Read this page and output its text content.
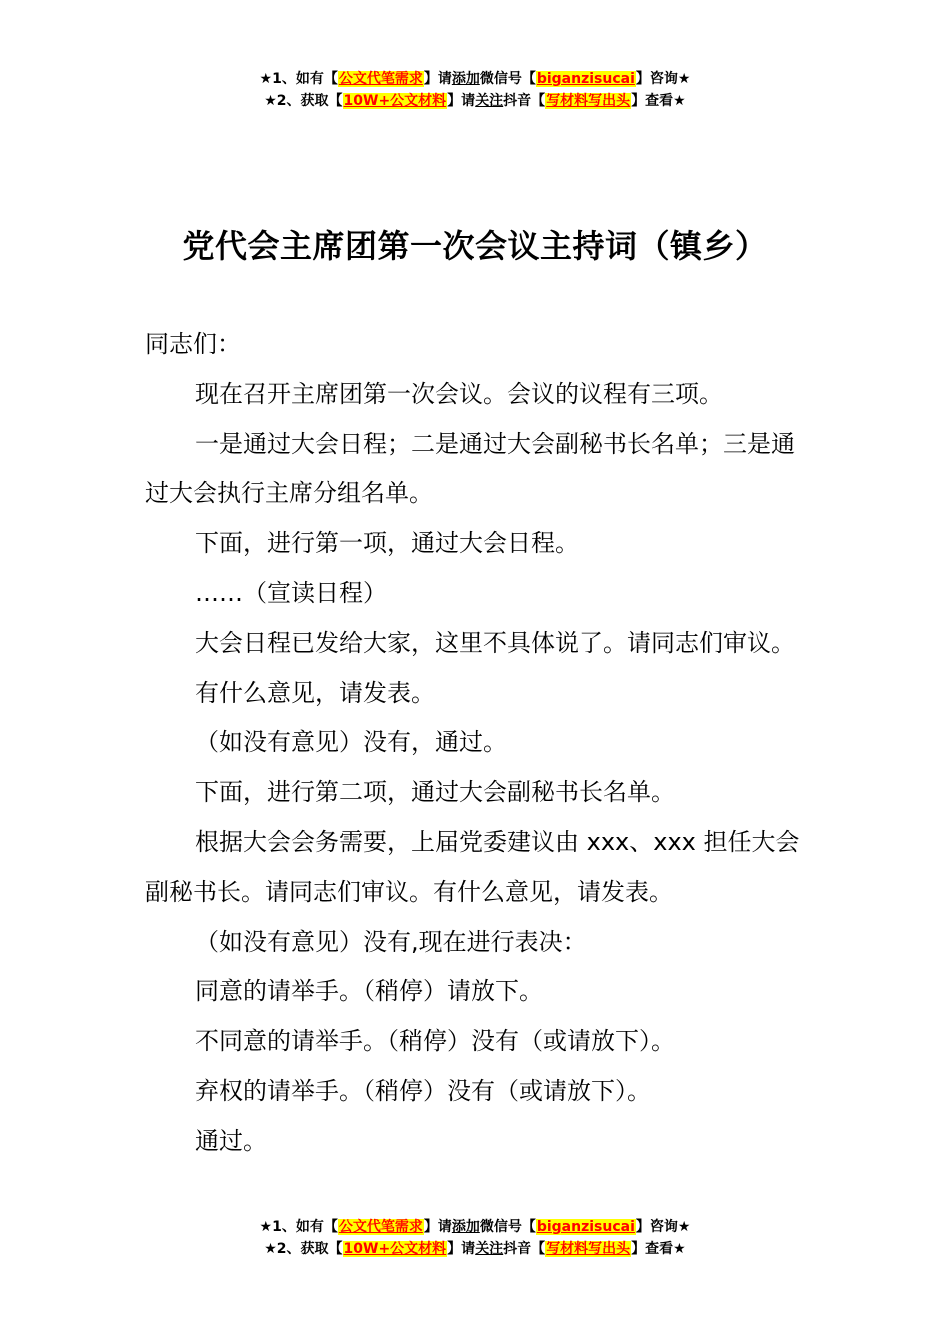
★1、如有【公文代笔需求】请添加微信号【biganzisucai】咨询★
★2、获取【10W+公文材料】请关注抖音【写材料写出头】查看★
党代会主席团第一次会议主持词（镇乡）

同志们：

现在召开主席团第一次会议。会议的议程有三项。

一是通过大会日程；二是通过大会副秘书长名单；三是通过大会执行主席分组名单。

下面，进行第一项，通过大会日程。

……（宣读日程）

大会日程已发给大家，这里不具体说了。请同志们审议。

有什么意见，请发表。

（如没有意见）没有，通过。

下面，进行第二项，通过大会副秘书长名单。

根据大会会务需要，上届党委建议由 xxx、xxx 担任大会副秘书长。请同志们审议。有什么意见，请发表。

（如没有意见）没有,现在进行表决：

同意的请举手。（稍停）请放下。

不同意的请举手。（稍停）没有（或请放下）。

弃权的请举手。（稍停）没有（或请放下）。

通过。

★1、如有【公文代笔需求】请添加微信号【biganzisucai】咨询★
★2、获取【10W+公文材料】请关注抖音【写材料写出头】查看★
